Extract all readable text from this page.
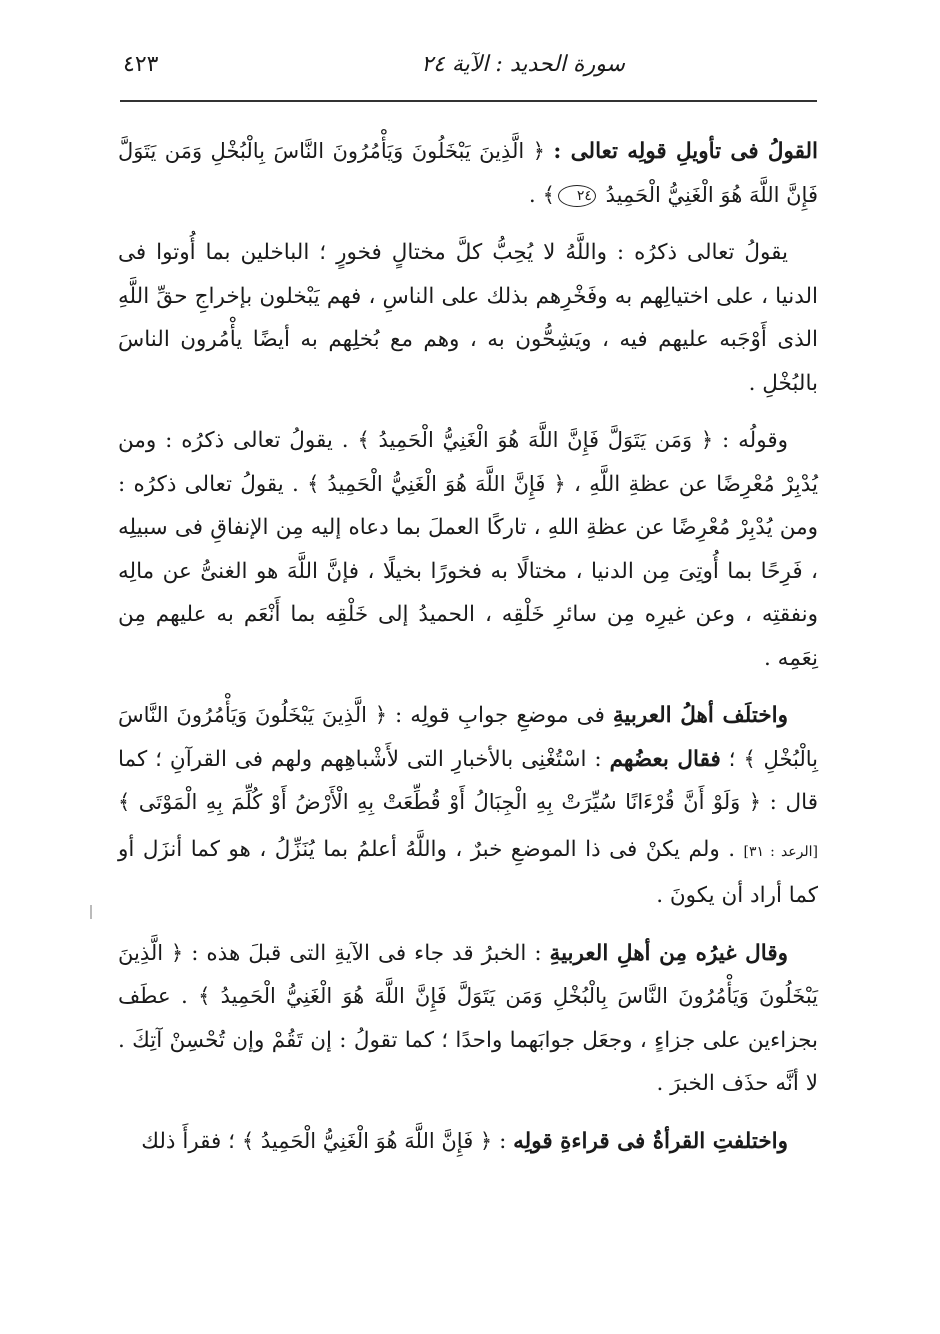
سورة الحديد : الآية ٢٤
٤٢٣

القولُ فى تأويلِ قولِه تعالى : ﴿ الَّذِينَ يَبْخَلُونَ وَيَأْمُرُونَ النَّاسَ بِالْبُخْلِ وَمَن يَتَوَلَّ فَإِنَّ اللَّهَ هُوَ الْغَنِيُّ الْحَمِيدُ ٢٤﴾ .

يقولُ تعالى ذكرُه : واللَّهُ لا يُحِبُّ كلَّ مختالٍ فخورٍ ؛ الباخلين بما أُوتوا فى الدنيا ، على اختيالِهم به وفَخْرِهم بذلك على الناسِ ، فهم يَبْخلون بإخراجِ حقِّ اللَّهِ الذى أَوْجَبه عليهم فيه ، ويَشِحُّون به ، وهم مع بُخلِهم به أيضًا يأْمُرون الناسَ بالبُخْلِ .

وقولُه : ﴿ وَمَن يَتَوَلَّ فَإِنَّ اللَّهَ هُوَ الْغَنِيُّ الْحَمِيدُ ﴾ . يقولُ تعالى ذكرُه : ومن يُدْبِرْ مُعْرِضًا عن عظةِ اللَّهِ ، ﴿ فَإِنَّ اللَّهَ هُوَ الْغَنِيُّ الْحَمِيدُ ﴾ . يقولُ تعالى ذكرُه : ومن يُدْبِرْ مُعْرِضًا عن عظةِ اللهِ ، تاركًا العملَ بما دعاه إليه مِن الإنفاقِ فى سبيلِه ، فَرِحًا بما أُوتِىَ مِن الدنيا ، مختالًا به فخورًا بخيلًا ، فإنَّ اللَّهَ هو الغنىُّ عن مالِه ونفقتِه ، وعن غيرِه مِن سائرِ خَلْقِه ، الحميدُ إلى خَلْقِه بما أَنْعَم به عليهم مِن نِعَمِه .

واختلَف أهلُ العربيةِ فى موضعِ جوابِ قولِه : ﴿ الَّذِينَ يَبْخَلُونَ وَيَأْمُرُونَ النَّاسَ بِالْبُخْلِ ﴾ ؛ فقال بعضُهم : اسْتُغْنِى بالأخبارِ التى لأَشْباهِهم ولهم فى القرآنِ ؛ كما قال : ﴿ وَلَوْ أَنَّ قُرْءَانًا سُيِّرَتْ بِهِ الْجِبَالُ أَوْ قُطِّعَتْ بِهِ الْأَرْضُ أَوْ كُلِّمَ بِهِ الْمَوْتَى ﴾ [الرعد : ٣١] . ولم يكنْ فى ذا الموضعِ خبرٌ ، واللَّهُ أعلمُ بما يُنَزِّلُ ، هو كما أنزَل أو كما أراد أن يكونَ .

وقال غيرُه مِن أهلِ العربيةِ : الخبرُ قد جاء فى الآيةِ التى قبلَ هذه : ﴿ الَّذِينَ يَبْخَلُونَ وَيَأْمُرُونَ النَّاسَ بِالْبُخْلِ وَمَن يَتَوَلَّ فَإِنَّ اللَّهَ هُوَ الْغَنِيُّ الْحَمِيدُ ﴾ . عطَف بجزاءين على جزاءٍ ، وجعَل جوابَهما واحدًا ؛ كما تقولُ : إن تَقُمْ وإن تُحْسِنْ آتِكَ . لا أنَّه حذَف الخبرَ .

واختلفتِ القرأةُ فى قراءةِ قولِه : ﴿ فَإِنَّ اللَّهَ هُوَ الْغَنِيُّ الْحَمِيدُ ﴾ ؛ فقرأَ ذلك
